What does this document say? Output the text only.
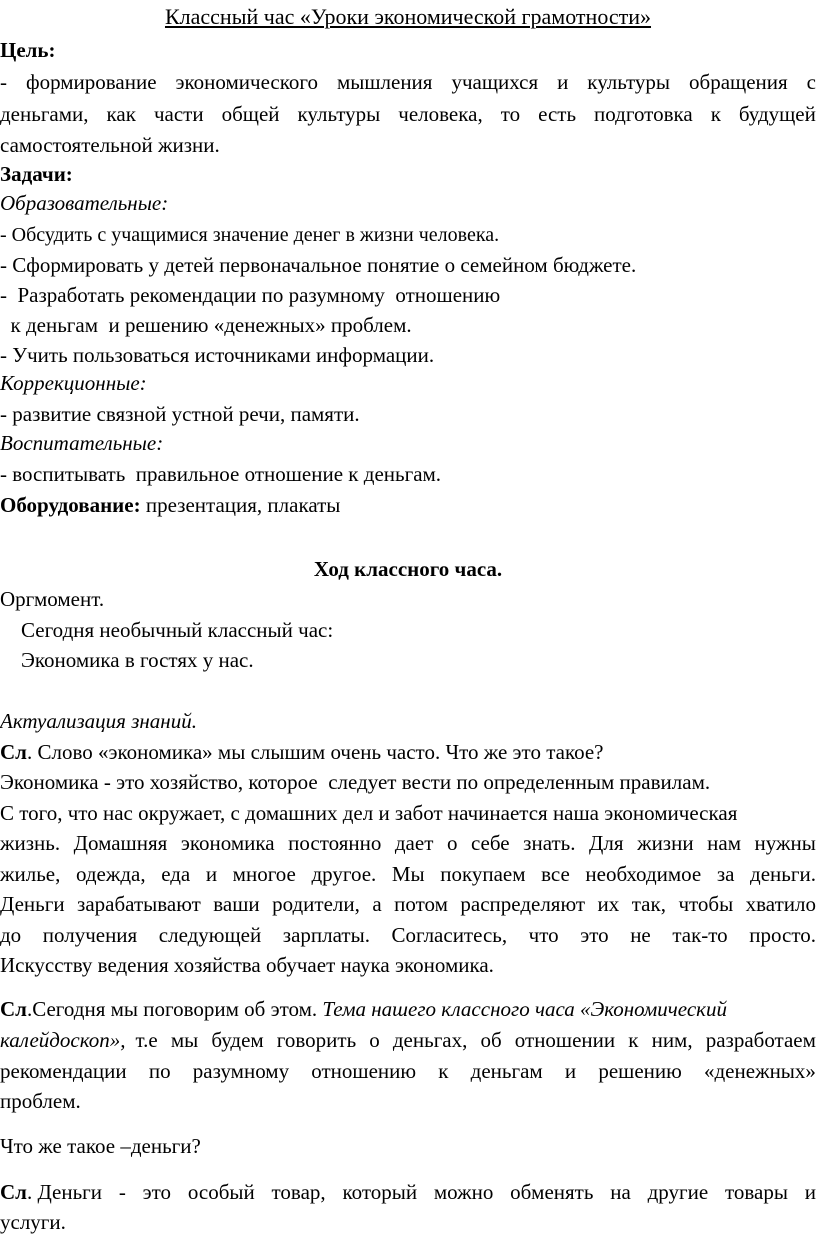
Классный час «Уроки экономической грамотности»
Цель:
- формирование экономического мышления учащихся и культуры обращения с
деньгами, как части общей культуры человека, то есть подготовка к будущей
самостоятельной жизни.
Задачи:
Образовательные:
- Обсудить с учащимися значение денег в жизни человека.
- Сформировать у детей первоначальное понятие о семейном бюджете.
-  Разработать рекомендации по разумному  отношению
к деньгам  и решению «денежных» проблем.
- Учить пользоваться источниками информации.
Коррекционные:
- развитие связной устной речи, памяти.
Воспитательные:
- воспитывать  правильное отношение к деньгам.
Оборудование: презентация, плакаты
Ход классного часа.
Оргмомент.
Сегодня необычный классный час:
Экономика в гостях у нас.
Актуализация знаний.
Сл. Слово «экономика» мы слышим очень часто. Что же это такое?
Экономика - это хозяйство, которое  следует вести по определенным правилам.
С того, что нас окружает, с домашних дел и забот начинается наша экономическая
жизнь. Домашняя экономика постоянно дает о себе знать. Для жизни нам нужны
жилье, одежда, еда и многое другое. Мы покупаем все необходимое за деньги.
Деньги зарабатывают ваши родители, а потом распределяют их так, чтобы хватило
до получения следующей зарплаты. Согласитесь, что это не так-то просто.
Искусству ведения хозяйства обучает наука экономика.
Сл.Сегодня мы поговорим об этом. Тема нашего классного часа «Экономический
калейдоскоп», т.е мы будем говорить о деньгах, об отношении к ним, разработаем
рекомендации по разумному отношению к деньгам и решению «денежных»
проблем.
Что же такое –деньги?
Сл . Деньги - это особый товар, который можно обменять на другие товары и
услуги.
